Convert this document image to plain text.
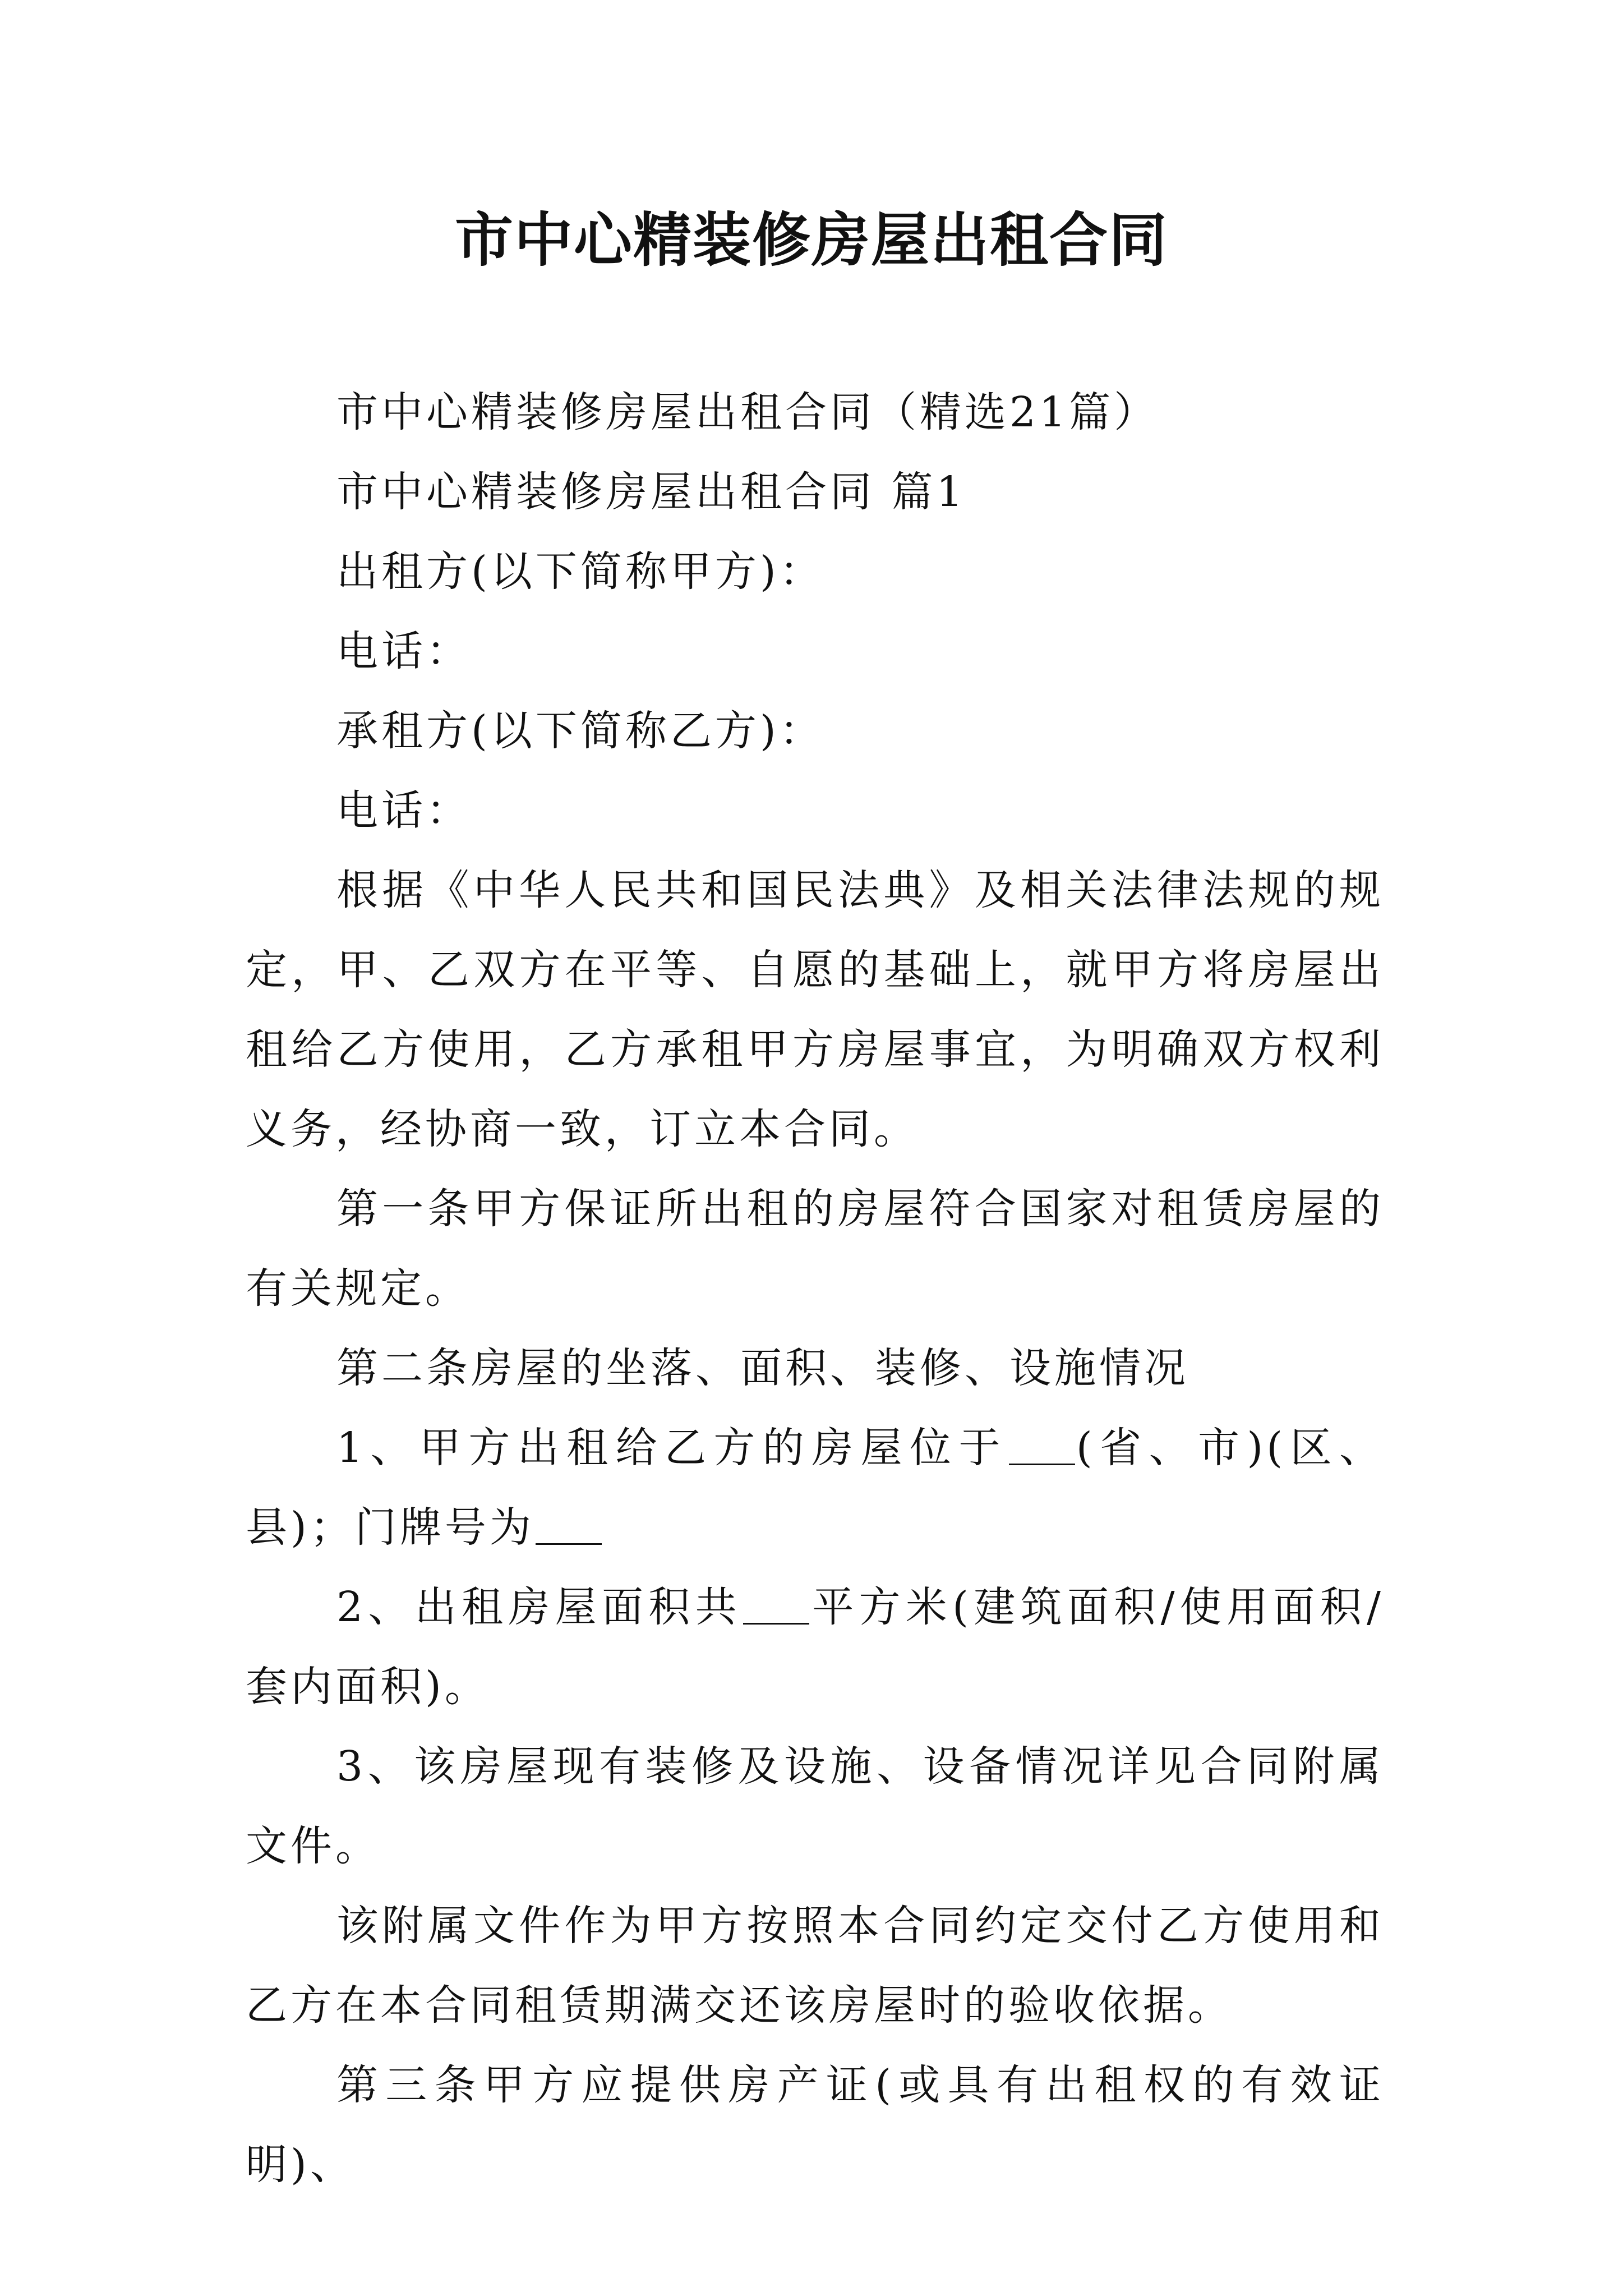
市中心精装修房屋出租合同

市中心精装修房屋出租合同（精选21篇）

市中心精装修房屋出租合同 篇1

出租方(以下简称甲方)：

电话：

承租方(以下简称乙方)：

电话：

根据《中华人民共和国民法典》及相关法律法规的规定，甲、乙双方在平等、自愿的基础上，就甲方将房屋出租给乙方使用，乙方承租甲方房屋事宜，为明确双方权利义务，经协商一致，订立本合同。

第一条甲方保证所出租的房屋符合国家对租赁房屋的有关规定。

第二条房屋的坐落、面积、装修、设施情况

1、甲方出租给乙方的房屋位于 (省、市)(区、县)；门牌号为

2、出租房屋面积共 平方米(建筑面积/使用面积/套内面积)。

3、该房屋现有装修及设施、设备情况详见合同附属文件。

该附属文件作为甲方按照本合同约定交付乙方使用和乙方在本合同租赁期满交还该房屋时的验收依据。

第三条甲方应提供房产证(或具有出租权的有效证明)、
